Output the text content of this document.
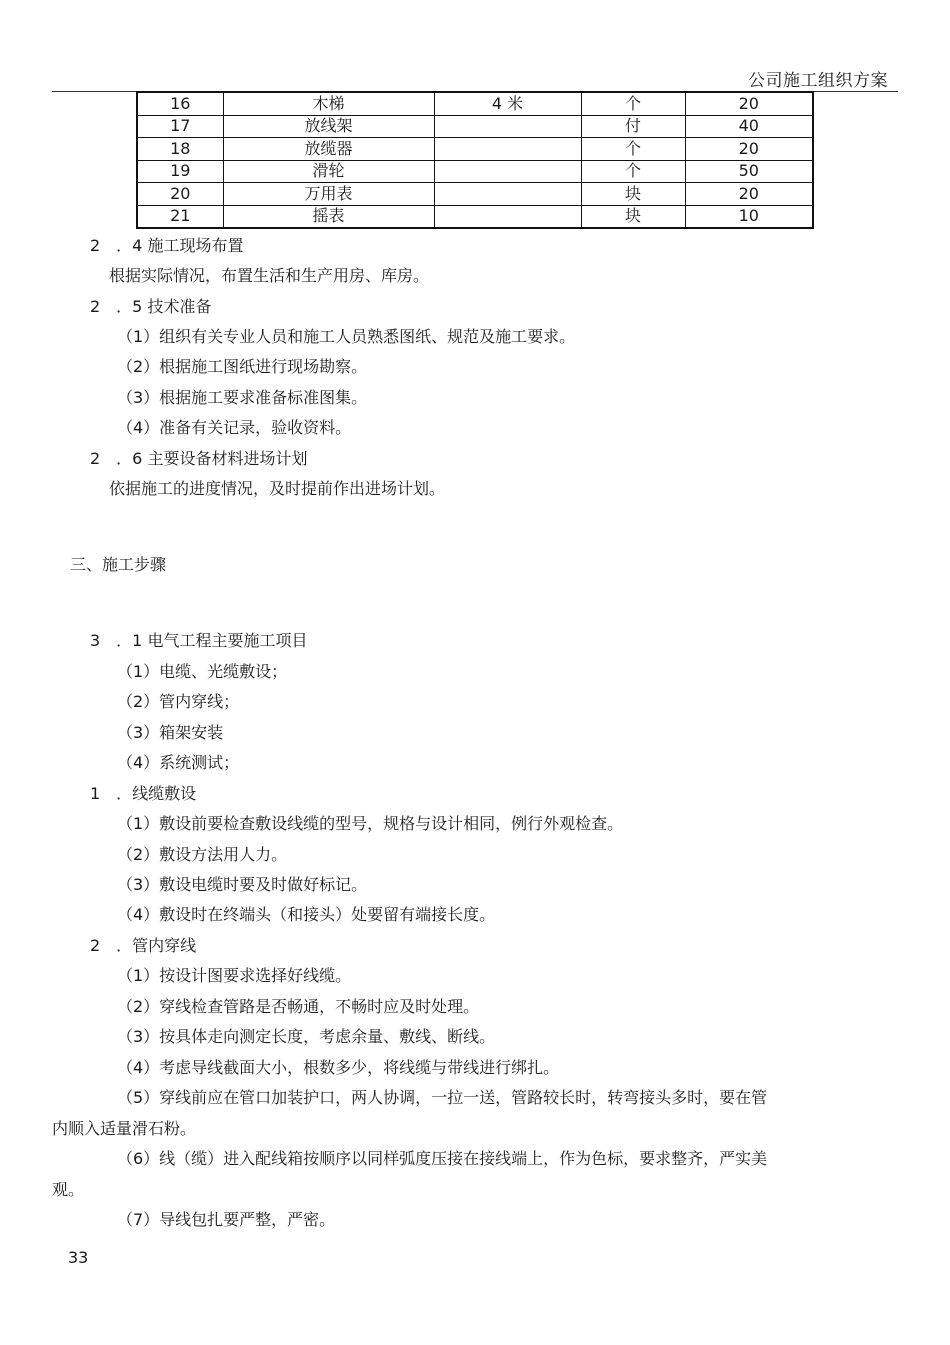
公司施工组织方案
16	木梯	4 米	个	20
17	放线架		付	40
18	放缆器		个	20
19	滑轮		个	50
20	万用表		块	20
21	摇表		块	10
2　．4 施工现场布置
根据实际情况，布置生活和生产用房、库房。
2　．5 技术准备
（1）组织有关专业人员和施工人员熟悉图纸、规范及施工要求。
（2）根据施工图纸进行现场勘察。
（3）根据施工要求准备标准图集。
（4）准备有关记录，验收资料。
2　．6 主要设备材料进场计划
依据施工的进度情况，及时提前作出进场计划。
三、施工步骤
3　．1 电气工程主要施工项目
（1）电缆、光缆敷设；
（2）管内穿线；
（3）箱架安装
（4）系统测试；
1　．线缆敷设
（1）敷设前要检查敷设线缆的型号，规格与设计相同，例行外观检查。
（2）敷设方法用人力。
（3）敷设电缆时要及时做好标记。
（4）敷设时在终端头（和接头）处要留有端接长度。
2　．管内穿线
（1）按设计图要求选择好线缆。
（2）穿线检查管路是否畅通，不畅时应及时处理。
（3）按具体走向测定长度，考虑余量、敷线、断线。
（4）考虑导线截面大小，根数多少，将线缆与带线进行绑扎。
（5）穿线前应在管口加装护口，两人协调，一拉一送，管路较长时，转弯接头多时，要在管
内顺入适量滑石粉。
（6）线（缆）进入配线箱按顺序以同样弧度压接在接线端上，作为色标，要求整齐，严实美
观。
（7）导线包扎要严整，严密。
33
